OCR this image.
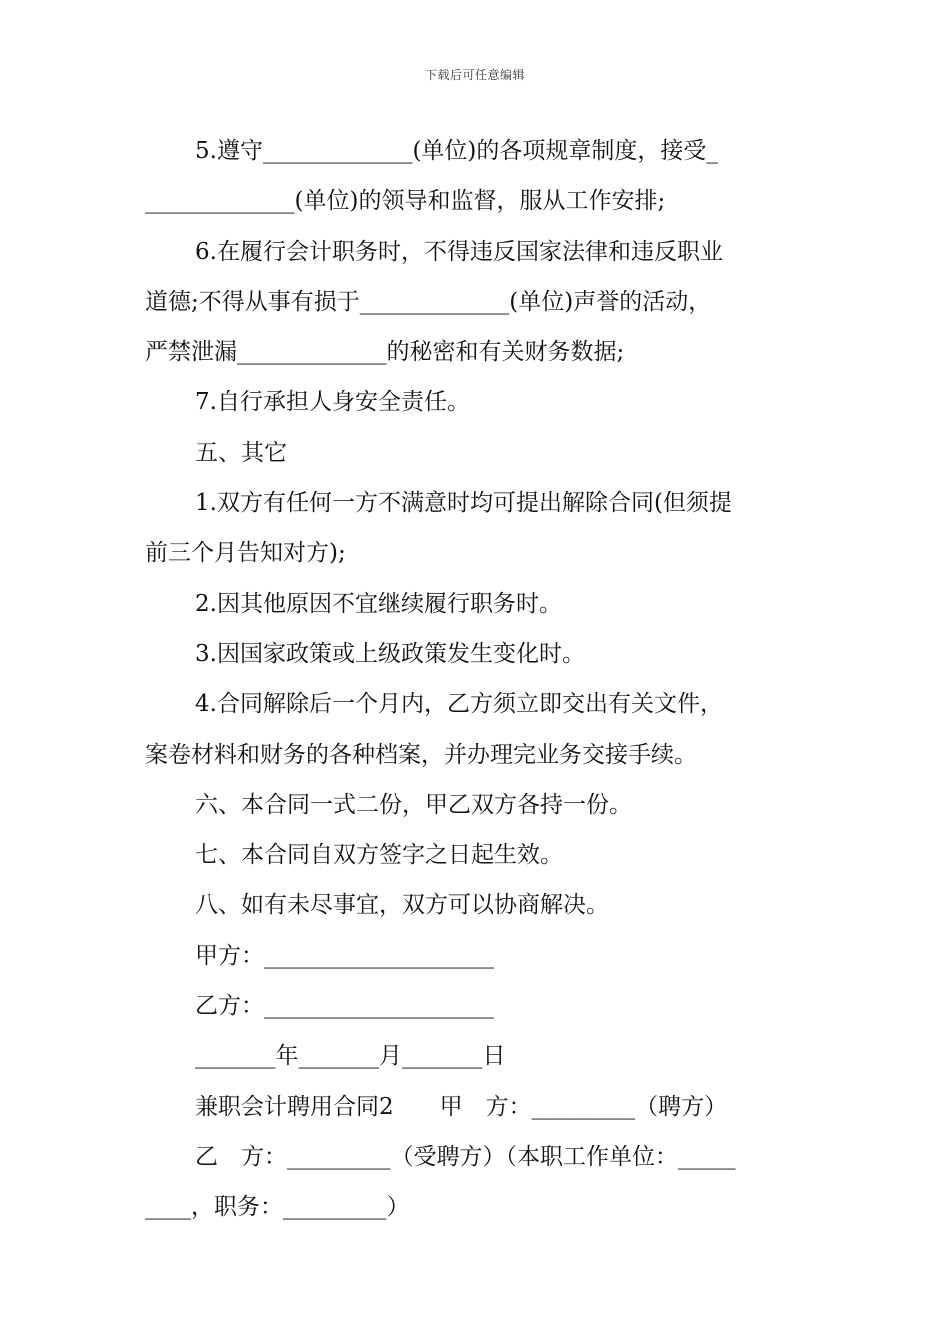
下载后可任意编辑
5.遵守_____________(单位)的各项规章制度，接受_
_____________(单位)的领导和监督，服从工作安排;
6.在履行会计职务时，不得违反国家法律和违反职业
道德;不得从事有损于_____________(单位)声誉的活动，
严禁泄漏_____________的秘密和有关财务数据;
7.自行承担人身安全责任。
五、其它
1.双方有任何一方不满意时均可提出解除合同(但须提
前三个月告知对方);
2.因其他原因不宜继续履行职务时。
3.因国家政策或上级政策发生变化时。
4.合同解除后一个月内，乙方须立即交出有关文件，
案卷材料和财务的各种档案，并办理完业务交接手续。
六、本合同一式二份，甲乙双方各持一份。
七、本合同自双方签字之日起生效。
八、如有未尽事宜，双方可以协商解决。
甲方：____________________
乙方：____________________
_______年_______月_______日
兼职会计聘用合同2　　甲　方：_________（聘方）
乙　方：_________（受聘方）（本职工作单位：_____
____，职务：_________）
